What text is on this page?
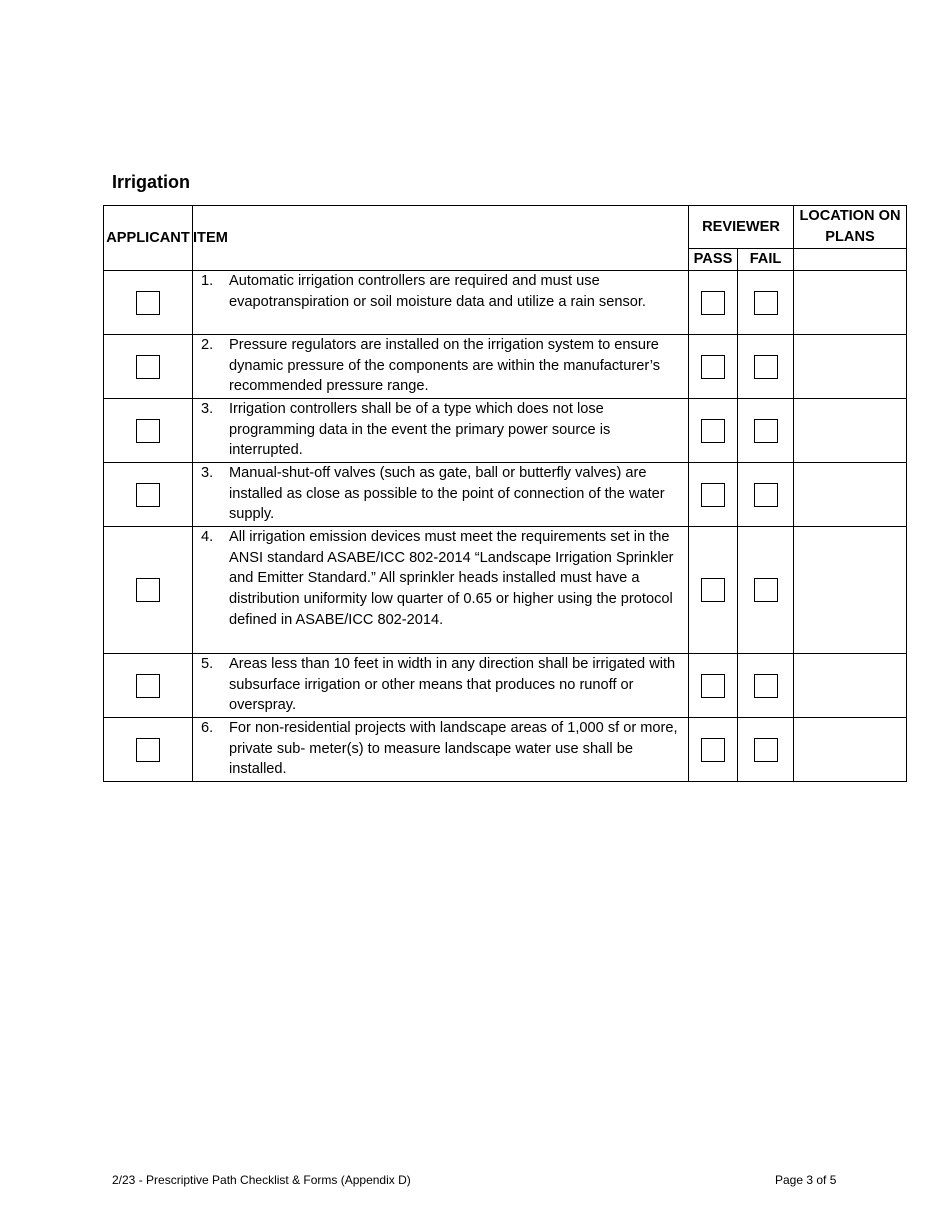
Irrigation
APPLICANT	ITEM	REVIEWER		LOCATION ON PLANS
		PASS	FAIL	

	1. Automatic irrigation controllers are required and must use evapotranspiration or soil moisture data and utilize a rain sensor.			

	2. Pressure regulators are installed on the irrigation system to ensure dynamic pressure of the components are within the manufacturer’s recommended pressure range.			

	3. Irrigation controllers shall be of a type which does not lose programming data in the event the primary power source is interrupted.			

	3. Manual-shut-off valves (such as gate, ball or butterfly valves) are installed as close as possible to the point of connection of the water supply.			

	4. All irrigation emission devices must meet the requirements set in the ANSI standard ASABE/ICC 802-2014 “Landscape Irrigation Sprinkler and Emitter Standard.” All sprinkler heads installed must have a distribution uniformity low quarter of 0.65 or higher using the protocol defined in ASABE/ICC 802-2014.			

	5. Areas less than 10 feet in width in any direction shall be irrigated with subsurface irrigation or other means that produces no runoff or overspray.			

	6. For non-residential projects with landscape areas of 1,000 sf or more, private sub- meter(s) to measure landscape water use shall be installed.			

2/23 - Prescriptive Path Checklist & Forms (Appendix D)	Page 3 of 5
